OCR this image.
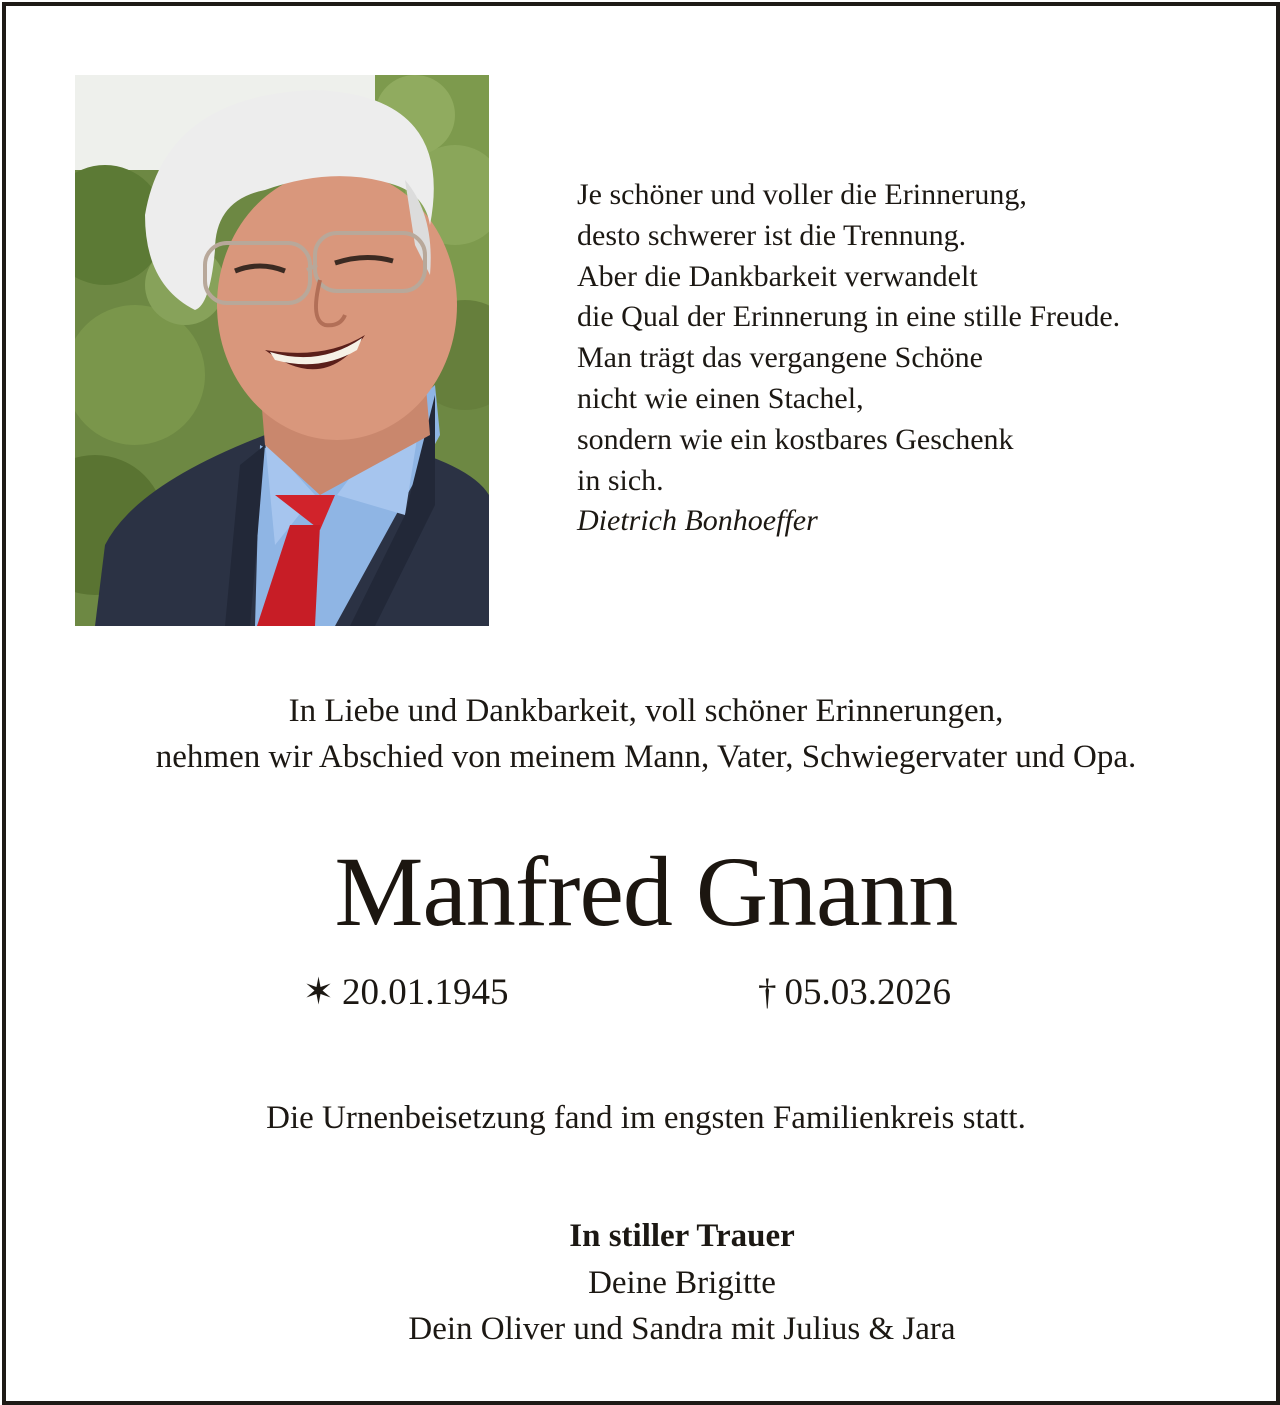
Je schöner und voller die Erinnerung,
desto schwerer ist die Trennung.
Aber die Dankbarkeit verwandelt
die Qual der Erinnerung in eine stille Freude.
Man trägt das vergangene Schöne
nicht wie einen Stachel,
sondern wie ein kostbares Geschenk
in sich.
Dietrich Bonhoeffer
In Liebe und Dankbarkeit, voll schöner Erinnerungen,
nehmen wir Abschied von meinem Mann, Vater, Schwiegervater und Opa.
Manfred Gnann
✶ 20.01.1945	† 05.03.2026
Die Urnenbeisetzung fand im engsten Familienkreis statt.
In stiller Trauer
Deine Brigitte
Dein Oliver und Sandra mit Julius & Jara
